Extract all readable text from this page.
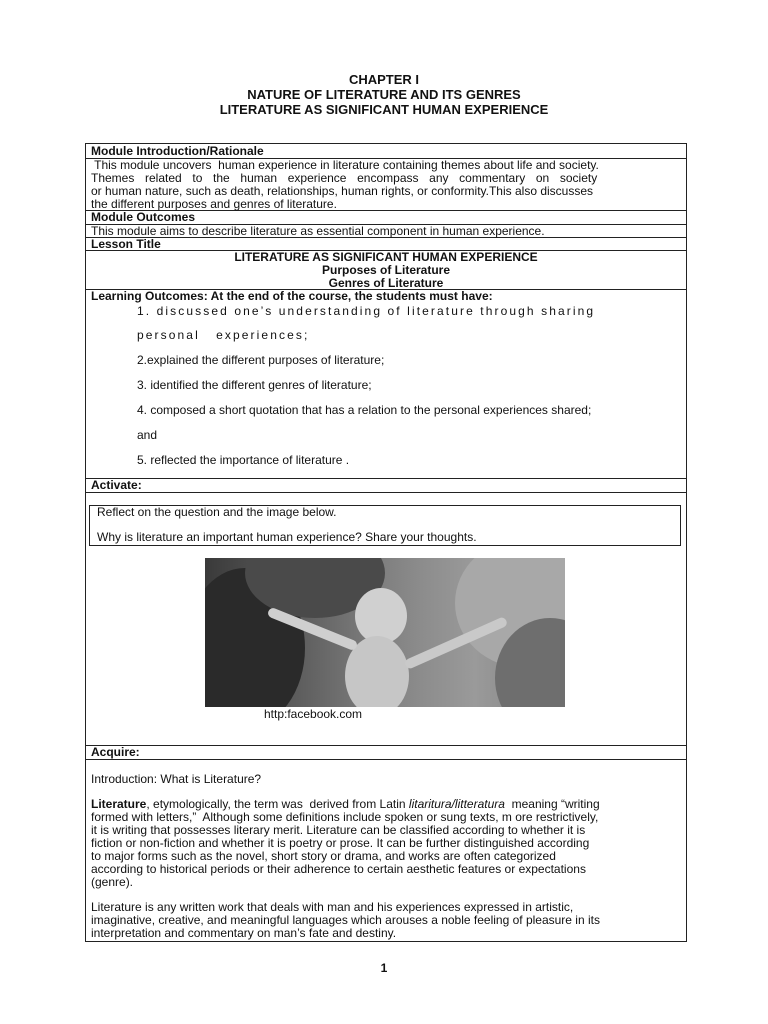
CHAPTER I
NATURE OF LITERATURE AND ITS GENRES
LITERATURE AS SIGNIFICANT HUMAN EXPERIENCE

Module Introduction/Rationale

This module uncovers  human experience in literature containing themes about life and society.

Themes  related  to  the  human  experience  encompass  any  commentary  on  society

or human nature, such as death, relationships, human rights, or conformity.This also discusses

the different purposes and genres of literature.

Module Outcomes

This module aims to describe literature as essential component in human experience.

Lesson Title

LITERATURE AS SIGNIFICANT HUMAN EXPERIENCE

Purposes of Literature

Genres of Literature

Learning Outcomes: At the end of the course, the students must have:

1. discussed one’s understanding of literature through sharing

personal   experiences;

2.explained the different purposes of literature;

3. identified the different genres of literature;

4. composed a short quotation that has a relation to the personal experiences shared;

and

5. reflected the importance of literature .

Activate:

Reflect on the question and the image below.

Why is literature an important human experience? Share your thoughts.

http:facebook.com

Acquire:

Introduction: What is Literature?

Literature, etymologically, the term was  derived from Latin litaritura/litteratura  meaning “writing

formed with letters,”  Although some definitions include spoken or sung texts, m ore restrictively,

it is writing that possesses literary merit. Literature can be classified according to whether it is

fiction or non-fiction and whether it is poetry or prose. It can be further distinguished according

to major forms such as the novel, short story or drama, and works are often categorized

according to historical periods or their adherence to certain aesthetic features or expectations

(genre).

Literature is any written work that deals with man and his experiences expressed in artistic,

imaginative, creative, and meaningful languages which arouses a noble feeling of pleasure in its

interpretation and commentary on man’s fate and destiny.

1
